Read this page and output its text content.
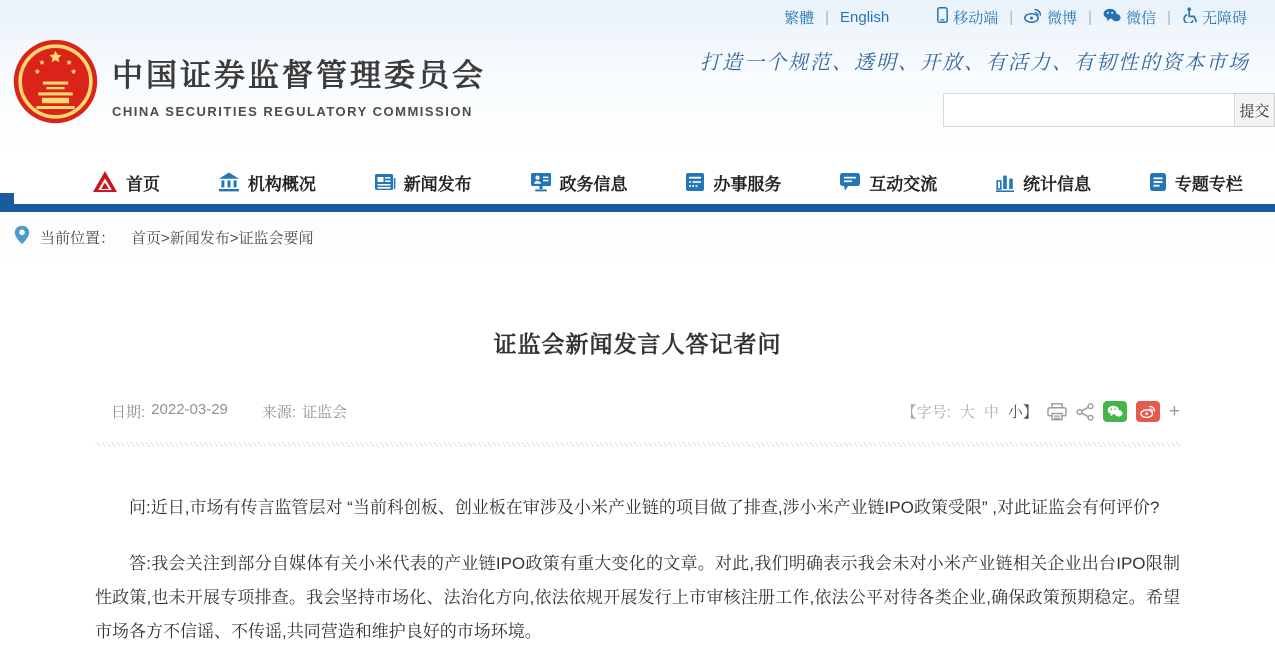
繁體 | English	移动端 | 微博 | 微信 | 无障碍
中国证券监督管理委员会
CHINA SECURITIES REGULATORY COMMISSION
打造一个规范、透明、开放、有活力、有韧性的资本市场
提交
首页	机构概况	新闻发布	政务信息	办事服务	互动交流	统计信息	专题专栏
当前位置： 首页>新闻发布>证监会要闻
证监会新闻发言人答记者问
日期: 2022-03-29 来源: 证监会	【字号: 大 中 小】	+

问:近日,市场有传言监管层对 “当前科创板、创业板在审涉及小米产业链的项目做了排查,涉小米产业链IPO政策受限” ,对此证监会有何评价?

答:我会关注到部分自媒体有关小米代表的产业链IPO政策有重大变化的文章。对此,我们明确表示我会未对小米产业链相关企业出台IPO限制性政策,也未开展专项排查。我会坚持市场化、法治化方向,依法依规开展发行上市审核注册工作,依法公平对待各类企业,确保政策预期稳定。希望市场各方不信谣、不传谣,共同营造和维护良好的市场环境。
